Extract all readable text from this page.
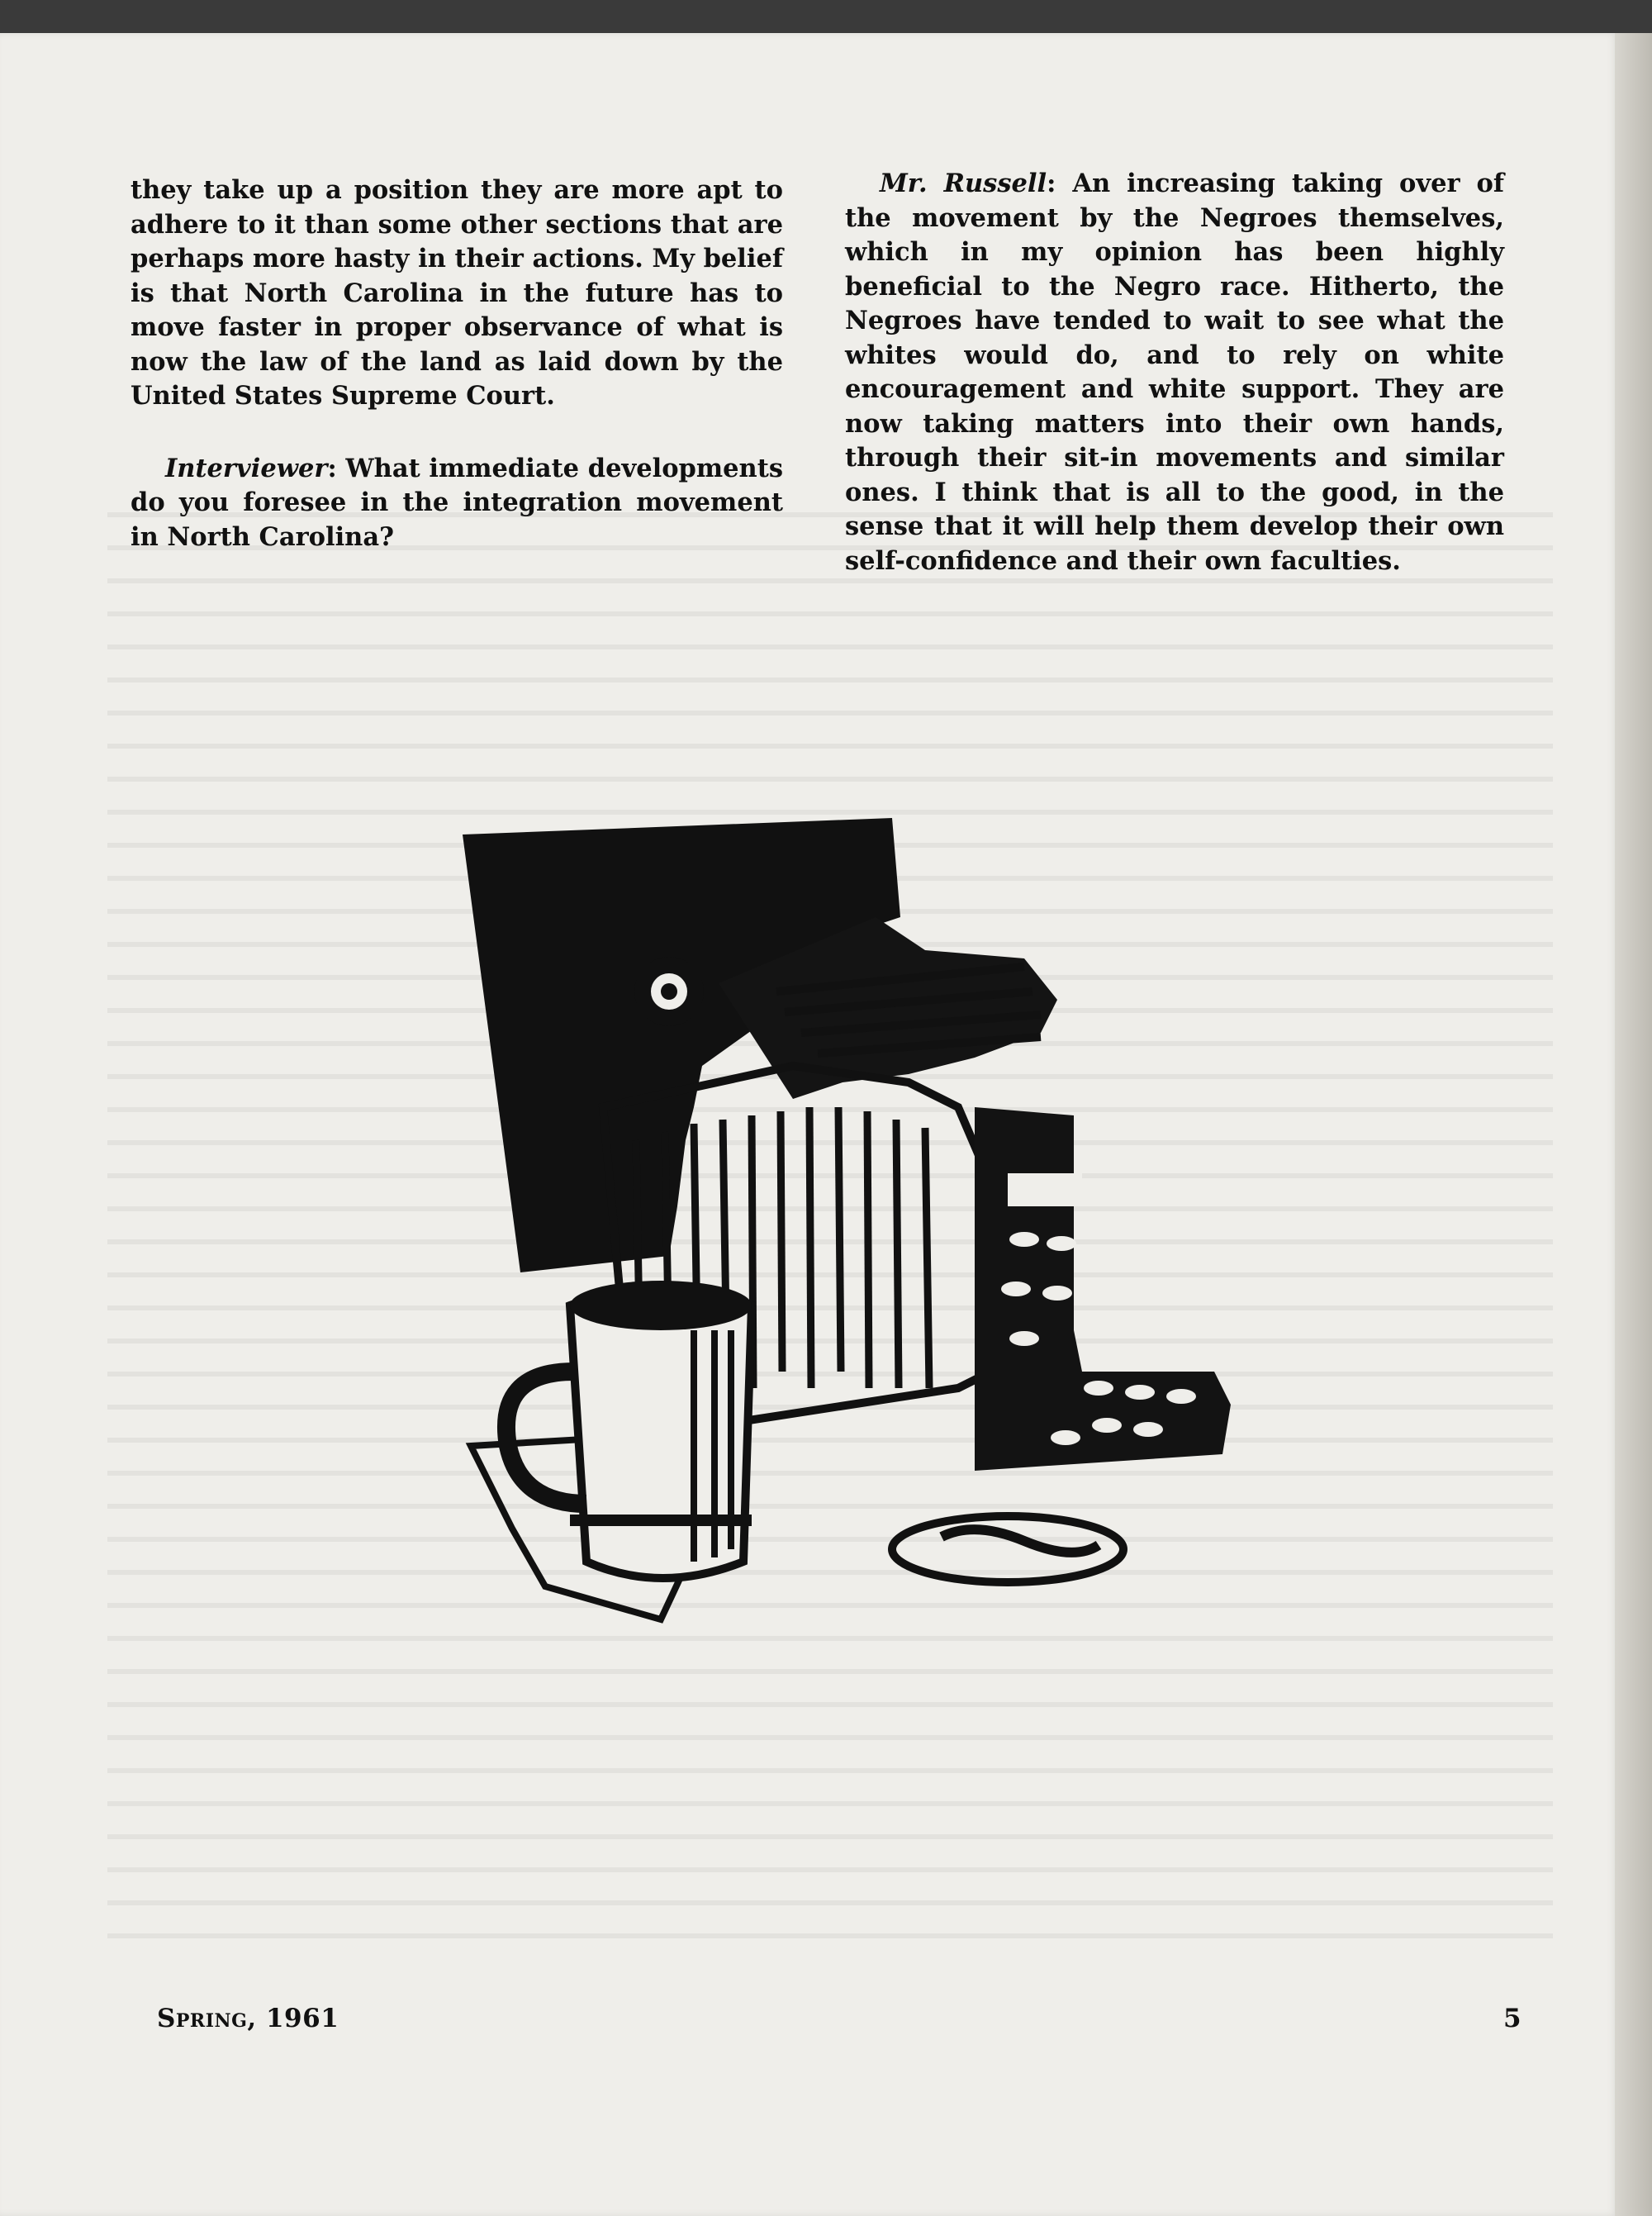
they take up a position they are more apt to adhere to it than some other sections that are perhaps more hasty in their actions. My belief is that North Carolina in the future has to move faster in proper observance of what is now the law of the land as laid down by the United States Supreme Court.

Interviewer: What immediate developments do you foresee in the integration movement in North Carolina?

Mr. Russell: An increasing taking over of the movement by the Negroes themselves, which in my opinion has been highly beneficial to the Negro race. Hitherto, the Negroes have tended to wait to see what the whites would do, and to rely on white encouragement and white support. They are now taking matters into their own hands, through their sit-in movements and similar ones. I think that is all to the good, in the sense that it will help them develop their own self-confidence and their own faculties.

Spring, 1961	5
